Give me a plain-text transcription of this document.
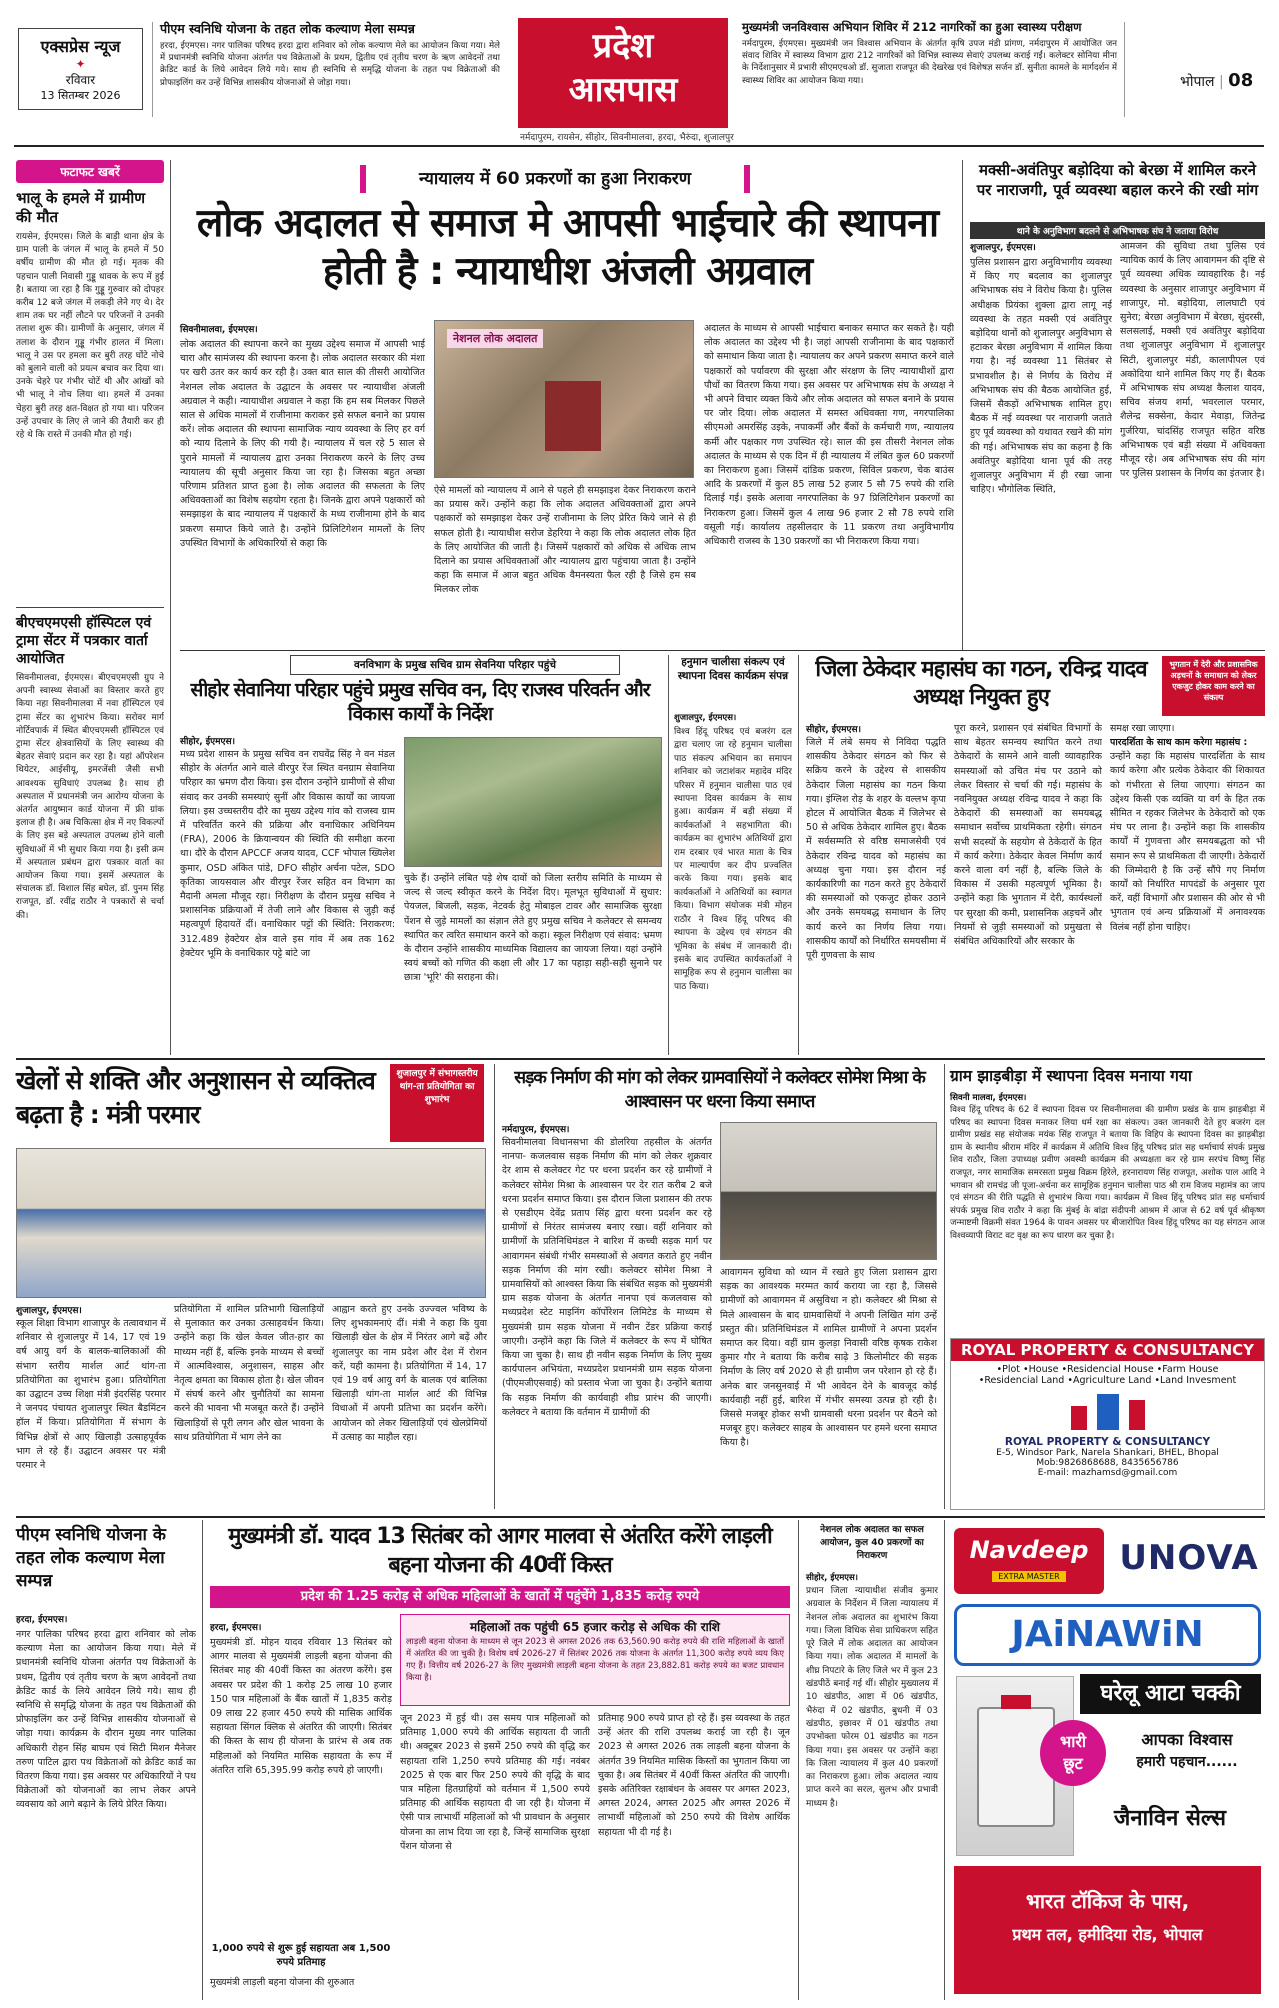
एक्सप्रेस न्यूज
✦
रविवार
13 सितम्बर 2026
पीएम स्वनिधि योजना के तहत लोक कल्याण मेला सम्पन्न
हरदा, ईएमएस। नगर पालिका परिषद हरदा द्वारा शनिवार को लोक कल्याण मेले का आयोजन किया गया। मेले में प्रधानमंत्री स्वनिधि योजना अंतर्गत पथ विक्रेताओं के प्रथम, द्वितीय एवं तृतीय चरण के ऋण आवेदनों तथा क्रेडिट कार्ड के लिये आवेदन लिये गये। साथ ही स्वनिधि से समृद्धि योजना के तहत पथ विक्रेताओं की प्रोफाइलिंग कर उन्हें विभिन्न शासकीय योजनाओं से जोड़ा गया।
प्रदेश
आसपास
मुख्यमंत्री जनविश्वास अभियान शिविर में 212 नागरिकों का हुआ स्वास्थ्य परीक्षण
नर्मदापुरम, ईएमएस। मुख्यमंत्री जन विश्वास अभियान के अंतर्गत कृषि उपज मंडी प्रांगण, नर्मदापुरम में आयोजित जन संवाद शिविर में स्वास्थ्य विभाग द्वारा 212 नागरिकों को विभिन्न स्वास्थ्य सेवाएं उपलब्ध कराई गईं। कलेक्टर सोनिया मीना के निर्देशानुसार में प्रभारी सीएमएचओ डॉ. सुजाता राजपूत की देखरेख एवं विशेषज्ञ सर्जन डॉ. सुनीता कामले के मार्गदर्शन में स्वास्थ्य शिविर का आयोजन किया गया।	भोपाल | 08
नर्मदापुरम, रायसेन, सीहोर, सिवनीमालवा, हरदा, भैरुंदा, शुजालपुर
फटाफट खबरें
भालू के हमले में ग्रामीण की मौत
रायसेन, ईएमएस। जिले के बाड़ी थाना क्षेत्र के ग्राम पाली के जंगल में भालू के हमले में 50 वर्षीय ग्रामीण की मौत हो गई। मृतक की पहचान पाली निवासी गुड्डू धावक के रूप में हुई है। बताया जा रहा है कि गुड्डू गुरुवार को दोपहर करीब 12 बजे जंगल में लकड़ी लेने गए थे। देर शाम तक घर नहीं लौटने पर परिजनों ने उनकी तलाश शुरू की। ग्रामीणों के अनुसार, जंगल में तलाश के दौरान गुड्डू गंभीर हालत में मिला। भालू ने उस पर हमला कर बुरी तरह घोंटे नोचे को बुलाने वाली को प्रयत्न बचाव कर दिया था। उनके चेहरे पर गंभीर चोटें थी और आंखों को भी भालू ने नोच लिया था। हमले में उनका चेहरा बुरी तरह क्षत-विक्षत हो गया था। परिजन उन्हें उपचार के लिए ले जाने की तैयारी कर ही रहे थे कि रास्ते में उनकी मौत हो गई।
बीएचएमएसी हॉस्पिटल एवं ट्रामा सेंटर में पत्रकार वार्ता आयोजित
सिवनीमालवा, ईएमएस। बीएचएमएसी ग्रुप ने अपनी स्वास्थ्य सेवाओं का विस्तार करते हुए किया नहा सिवनीमालवा में नवा हॉस्पिटल एवं ट्रामा सेंटर का शुभारंभ किया। सरोवर मार्ग नोर्टिवपार्क में स्थित बीएचएमसी हॉस्पिटल एवं ट्रामा सेंटर क्षेत्रवासियों के लिए स्वास्थ्य की बेहतर सेवाएं प्रदान कर रहा है। यहां ऑपरेशन थियेटर, आईसीयू, इमरजेंसी जैसी सभी आवश्यक सुविधाएं उपलब्ध है। साथ ही अस्पताल में प्रधानमंत्री जन आरोग्य योजना के अंतर्गत आयुष्मान कार्ड योजना में फ्री ग्रांक इलाज ही है। अब चिकित्सा क्षेत्र में नए विकल्पों के लिए इस बड़े अस्पताल उपलब्ध होने वाली सुविधाओं में भी सुधार किया गया है। इसी क्रम में अस्पताल प्रबंधन द्वारा पत्रकार वार्ता का आयोजन किया गया। इसमें अस्पताल के संचालक डॉ. विशाल सिंह बघेल, डॉ. पुनम सिंह राजपूत, डॉ. रवींद्र राठौर ने पत्रकारों से चर्चा की।
न्यायालय में 60 प्रकरणों का हुआ निराकरण
लोक अदालत से समाज मे आपसी भाईचारे की स्थापना होती है : न्यायाधीश अंजली अग्रवाल
सिवनीमालवा, ईएमएस।
लोक अदालत की स्थापना करने का मुख्य उद्देश्य समाज में आपसी भाई चारा और सामंजस्य की स्थापना करना है। लोक अदालत सरकार की मंशा पर खरी उतर कर कार्य कर रही है। उक्त बात साल की तीसरी आयोजित नेशनल लोक अदालत के उद्घाटन के अवसर पर न्यायाधीश अंजली अग्रवाल ने कही। न्यायाधीश अग्रवाल ने कहा कि हम सब मिलकर पिछले साल से अधिक मामलों में राजीनामा कराकर इसे सफल बनाने का प्रयास करें। लोक अदालत की स्थापना सामाजिक न्याय व्यवस्था के लिए हर वर्ग को न्याय दिलाने के लिए की गयी है। न्यायालय में चल रहे 5 साल से पुराने मामलों में न्यायालय द्वारा उनका निराकरण करने के लिए उच्च न्यायालय की सूची अनुसार किया जा रहा है। जिसका बहुत अच्छा परिणाम प्रतिशत प्राप्त हुआ है। लोक अदालत की सफलता के लिए अधिवक्ताओं का विशेष सहयोग रहता है। जिनके द्वारा अपने पक्षकारों को समझाइश के बाद न्यायालय में पक्षकारों के मध्य राजीनामा होने के बाद प्रकरण समाप्त किये जाते है। उन्होंने प्रिलिटिगेशन मामलों के लिए उपस्थित विभागों के अधिकारियों से कहा कि
नेशनल लोक अदालत
ऐसे मामलों को न्यायालय में आने से पहले ही समझाइश देकर निराकरण कराने का प्रयास करें। उन्होंने कहा कि लोक अदालत अधिवक्ताओं द्वारा अपने पक्षकारों को समझाइश देकर उन्हें राजीनामा के लिए प्रेरित किये जाने से ही सफल होती है। न्यायाधीश सरोज डेहरिया ने कहा कि लोक अदालत लोक हित के लिए आयोजित की जाती है। जिसमें पक्षकारों को अधिक से अधिक लाभ दिलाने का प्रयास अधिवक्ताओं और न्यायालय द्वारा पहुंचाया जाता है। उन्होंने कहा कि समाज में आज बहुत अधिक वैमनस्यता फैल रही है जिसे हम सब मिलकर लोक
अदालत के माध्यम से आपसी भाईचारा बनाकर समाप्त कर सकते है। यही लोक अदालत का उद्देश्य भी है। जहां आपसी राजीनामा के बाद पक्षकारों को समाधान किया जाता है। न्यायालय कर अपने प्रकरण समाप्त करने वाले पक्षकारों को पर्यावरण की सुरक्षा और संरक्षण के लिए न्यायाधीशों द्वारा पौधों का वितरण किया गया। इस अवसर पर अभिभाषक संघ के अध्यक्ष ने भी अपने विचार व्यक्त किये और लोक अदालत को सफल बनाने के प्रयास पर जोर दिया। लोक अदालत में समस्त अधिवक्ता गण, नगरपालिका सीएमओ अमरसिंह उइके, नपाकर्मी और बैंकों के कर्मचारी गण, न्यायालय कर्मी और पक्षकार गण उपस्थित रहे। साल की इस तीसरी नेशनल लोक अदालत के माध्यम से एक दिन में ही न्यायालय में लंबित कुल 60 प्रकरणों का निराकरण हुआ। जिसमें दांडिक प्रकरण, सिविल प्रकरण, चेक बाउंस आदि के प्रकरणों में कुल 85 लाख 52 हजार 5 सौ 75 रुपये की राशि दिलाई गई। इसके अलावा नगरपालिका के 97 प्रिलिटिगेशन प्रकरणों का निराकरण हुआ। जिसमें कुल 4 लाख 96 हजार 2 सौ 78 रुपये राशि वसूली गई। कार्यालय तहसीलदार के 11 प्रकरण तथा अनुविभागीय अधिकारी राजस्व के 130 प्रकरणों का भी निराकरण किया गया।
मक्सी-अवंतिपुर बड़ोदिया को बेरछा में शामिल करने पर नाराजगी, पूर्व व्यवस्था बहाल करने की रखी मांग
थाने के अनुविभाग बदलने से अभिभाषक संघ ने जताया विरोध
शुजालपुर, ईएमएस।
पुलिस प्रशासन द्वारा अनुविभागीय व्यवस्था में किए गए बदलाव का शुजालपुर अभिभाषक संघ ने विरोध किया है। पुलिस अधीक्षक प्रियंका शुक्ला द्वारा लागू नई व्यवस्था के तहत मक्सी एवं अवंतिपुर बड़ोदिया थानों को शुजालपुर अनुविभाग से हटाकर बेरछा अनुविभाग में शामिल किया गया है। नई व्यवस्था 11 सितंबर से प्रभावशील है। से निर्णय के विरोध में अभिभाषक संघ की बैठक आयोजित हुई, जिसमें सैकड़ों अभिभाषक शामिल हुए। बैठक में नई व्यवस्था पर नाराजगी जताते हुए पूर्व व्यवस्था को यथावत रखने की मांग की गई। अभिभाषक संघ का कहना है कि अवंतिपुर बड़ोदिया थाना पूर्व की तरह शुजालपुर अनुविभाग में ही रखा जाना चाहिए। भौगोलिक स्थिति,
आमजन की सुविधा तथा पुलिस एवं न्यायिक कार्य के लिए आवागमन की दृष्टि से पूर्व व्यवस्था अधिक व्यावहारिक है। नई व्यवस्था के अनुसार शाजापुर अनुविभाग में शाजापुर, मो. बड़ोदिया, लालघाटी एवं सुनेरा; बेरछा अनुविभाग में बेरछा, सुंदरसी, सलसलाई, मक्सी एवं अवंतिपुर बड़ोदिया तथा शुजालपुर अनुविभाग में शुजालपुर सिटी, शुजालपुर मंडी, कालापीपल एवं अकोदिया थाने शामिल किए गए हैं। बैठक में अभिभाषक संघ अध्यक्ष कैलाश यादव, सचिव संजय शर्मा, भवरलाल परमार, शैलेन्द्र सक्सेना, केदार मेवाड़ा, जितेन्द्र गुर्जरिया, चांदसिंह राजपूत सहित वरिष्ठ अभिभाषक एवं बड़ी संख्या में अधिवक्ता मौजूद रहे। अब अभिभाषक संघ की मांग पर पुलिस प्रशासन के निर्णय का इंतजार है।
वनविभाग के प्रमुख सचिव ग्राम सेवनिया परिहार पहुंचे
सीहोर सेवानिया परिहार पहुंचे प्रमुख सचिव वन, दिए राजस्व परिवर्तन और विकास कार्यों के निर्देश
सीहोर, ईएमएस।
मध्य प्रदेश शासन के प्रमुख सचिव वन राघवेंद्र सिंह ने वन मंडल सीहोर के अंतर्गत आने वाले वीरपुर रेंज स्थित वनग्राम सेवानिया परिहार का भ्रमण दौरा किया। इस दौरान उन्होंने ग्रामीणों से सीधा संवाद कर उनकी समस्याएं सुनीं और विकास कार्यों का जायजा लिया। इस उच्चस्तरीय दौरे का मुख्य उद्देश्य गांव को राजस्व ग्राम में परिवर्तित करने की प्रक्रिया और वनाधिकार अधिनियम (FRA), 2006 के क्रियान्वयन की स्थिति की समीक्षा करना था। दौरे के दौरान APCCF अजय यादव, CCF भोपाल ख्यिलेश कुमार, OSD अंकित पांडे, DFO सीहोर अर्चना पटेल, SDO कृतिका जायसवाल और वीरपुर रेंजर सहित वन विभाग का मैदानी अमला मौजूद रहा। निरीक्षण के दौरान प्रमुख सचिव ने प्रशासनिक प्रक्रियाओं में तेजी लाने और विकास से जुड़ी कई महत्वपूर्ण हिदायतें दीं। वनाधिकार पट्टों की स्थिति: निराकरण: 312.489 हेक्टेयर क्षेत्र वाले इस गांव में अब तक 162 हेक्टेयर भूमि के वनाधिकार पट्टे बांटे जा
चुके हैं। उन्होंने लंबित पड़े शेष दावों को जिला स्तरीय समिति के माध्यम से जल्द से जल्द स्वीकृत करने के निर्देश दिए। मूलभूत सुविधाओं में सुधार: पेयजल, बिजली, सड़क, नेटवर्क हेतु मोबाइल टावर और सामाजिक सुरक्षा पेंशन से जुड़े मामलों का संज्ञान लेते हुए प्रमुख सचिव ने कलेक्टर से समन्वय स्थापित कर त्वरित समाधान करने को कहा। स्कूल निरीक्षण एवं संवाद: भ्रमण के दौरान उन्होंने शासकीय माध्यमिक विद्यालय का जायजा लिया। यहां उन्होंने स्वयं बच्चों को गणित की कक्षा ली और 17 का पहाड़ा सही-सही सुनाने पर छात्रा 'भूरि' की सराहना की।
हनुमान चालीसा संकल्प एवं स्थापना दिवस कार्यक्रम संपन्न
शुजालपुर, ईएमएस।
विश्व हिंदू परिषद एवं बजरंग दल द्वारा चलाए जा रहे हनुमान चालीसा पाठ संकल्प अभियान का समापन शनिवार को जटाशंकर महादेव मंदिर परिसर में हनुमान चालीसा पाठ एवं स्थापना दिवस कार्यक्रम के साथ हुआ। कार्यक्रम में बड़ी संख्या में कार्यकर्ताओं ने सहभागिता की। कार्यक्रम का शुभारंभ अतिथियों द्वारा राम दरबार एवं भारत माता के चित्र पर माल्यार्पण कर दीप प्रज्वलित करके किया गया। इसके बाद कार्यकर्ताओं ने अतिथियों का स्वागत किया। विभाग संयोजक मंत्री मोहन राठौर ने विश्व हिंदू परिषद की स्थापना के उद्देश्य एवं संगठन की भूमिका के संबंध में जानकारी दी। इसके बाद उपस्थित कार्यकर्ताओं ने सामूहिक रूप से हनुमान चालीसा का पाठ किया।
जिला ठेकेदार महासंघ का गठन, रविन्द्र यादव अध्यक्ष नियुक्त हुए
भुगतान में देरी और प्रशासनिक अड़चनों के समाधान को लेकर एकजुट होकर काम करने का संकल्प
सीहोर, ईएमएस।
जिले में लंबे समय से निविदा पद्धति शासकीय ठेकेदार संगठन को फिर से सक्रिय करने के उद्देश्य से शासकीय ठेकेदार जिला महासंघ का गठन किया गया। इंग्लिश रोड़ के शहर के वल्लभ कृपा होटल में आयोजित बैठक में जिलेभर से 50 से अधिक ठेकेदार शामिल हुए। बैठक में सर्वसम्मति से वरिष्ठ समाजसेवी एवं ठेकेदार रविन्द्र यादव को महासंघ का अध्यक्ष चुना गया। इस दौरान नई कार्यकारिणी का गठन करते हुए ठेकेदारों की समस्याओं को एकजुट होकर उठाने और उनके समयबद्ध समाधान के लिए कार्य करने का निर्णय लिया गया। शासकीय कार्यों को निर्धारित समयसीमा में पूरी गुणवत्ता के साथ
पूरा करने, प्रशासन एवं संबंधित विभागों के साथ बेहतर समन्वय स्थापित करने तथा ठेकेदारों के सामने आने वाली व्यावहारिक समस्याओं को उचित मंच पर उठाने को लेकर विस्तार से चर्चा की गई। महासंघ के नवनियुक्त अध्यक्ष रविन्द्र यादव ने कहा कि ठेकेदारों की समस्याओं का समयबद्ध समाधान सर्वोच्च प्राथमिकता रहेगी। संगठन सभी सदस्यों के सहयोग से ठेकेदारों के हित में कार्य करेगा। ठेकेदार केवल निर्माण कार्य करने वाला वर्ग नहीं है, बल्कि जिले के विकास में उसकी महत्वपूर्ण भूमिका है। उन्होंने कहा कि भुगतान में देरी, कार्यस्थलों पर सुरक्षा की कमी, प्रशासनिक अड़चनें और नियमों से जुड़ी समस्याओं को प्रमुखता से संबंधित अधिकारियों और सरकार के
समक्ष रखा जाएगा।
पारदर्शिता के साथ काम करेगा महासंघ :
उन्होंने कहा कि महासंघ पारदर्शिता के साथ कार्य करेगा और प्रत्येक ठेकेदार की शिकायत को गंभीरता से लिया जाएगा। संगठन का उद्देश्य किसी एक व्यक्ति या वर्ग के हित तक सीमित न रहकर जिलेभर के ठेकेदारों को एक मंच पर लाना है। उन्होंने कहा कि शासकीय कार्यों में गुणवत्ता और समयबद्धता को भी समान रूप से प्राथमिकता दी जाएगी। ठेकेदारों की जिम्मेदारी है कि उन्हें सौंपे गए निर्माण कार्यों को निर्धारित मापदंडों के अनुसार पूरा करें, वहीं विभागों और प्रशासन की ओर से भी भुगतान एवं अन्य प्रक्रियाओं में अनावश्यक विलंब नहीं होना चाहिए।
खेलों से शक्ति और अनुशासन से व्यक्तित्व बढ़ता है : मंत्री परमार
शुजालपुर में संभागस्तरीय थांग-ता प्रतियोगिता का शुभारंभ
शुजालपुर, ईएमएस।
स्कूल शिक्षा विभाग शाजापुर के तत्वावधान में शनिवार से शुजालपुर में 14, 17 एवं 19 वर्ष आयु वर्ग के बालक-बालिकाओं की संभाग स्तरीय मार्शल आर्ट थांग-ता प्रतियोगिता का शुभारंभ हुआ। प्रतियोगिता का उद्घाटन उच्च शिक्षा मंत्री इंदरसिंह परमार ने जनपद पंचायत शुजालपुर स्थित बैडमिंटन हॉल में किया। प्रतियोगिता में संभाग के विभिन्न क्षेत्रों से आए खिलाड़ी उत्साहपूर्वक भाग ले रहे हैं। उद्घाटन अवसर पर मंत्री परमार ने
प्रतियोगिता में शामिल प्रतिभागी खिलाड़ियों से मुलाकात कर उनका उत्साहवर्धन किया। उन्होंने कहा कि खेल केवल जीत-हार का माध्यम नहीं हैं, बल्कि इनके माध्यम से बच्चों में आत्मविश्वास, अनुशासन, साहस और नेतृत्व क्षमता का विकास होता है। खेल जीवन में संघर्ष करने और चुनौतियों का सामना करने की भावना भी मजबूत करते हैं। उन्होंने खिलाड़ियों से पूरी लगन और खेल भावना के साथ प्रतियोगिता में भाग लेने का
आह्वान करते हुए उनके उज्ज्वल भविष्य के लिए शुभकामनाएं दीं। मंत्री ने कहा कि युवा खिलाड़ी खेल के क्षेत्र में निरंतर आगे बढ़ें और शुजालपुर का नाम प्रदेश और देश में रोशन करें, यही कामना है। प्रतियोगिता में 14, 17 एवं 19 वर्ष आयु वर्ग के बालक एवं बालिका खिलाड़ी थांग-ता मार्शल आर्ट की विभिन्न विधाओं में अपनी प्रतिभा का प्रदर्शन करेंगे। आयोजन को लेकर खिलाड़ियों एवं खेलप्रेमियों में उत्साह का माहौल रहा।
सड़क निर्माण की मांग को लेकर ग्रामवासियों ने कलेक्टर सोमेश मिश्रा के आश्वासन पर धरना किया समाप्त
नर्मदापुरम, ईएमएस।
सिवनीमालवा विधानसभा की डोलरिया तहसील के अंतर्गत नानपा- कजलवास सड़क निर्माण की मांग को लेकर शुक्रवार देर शाम से कलेक्टर गेट पर धरना प्रदर्शन कर रहे ग्रामीणों ने कलेक्टर सोमेश मिश्रा के आश्वासन पर देर रात करीब 2 बजे धरना प्रदर्शन समाप्त किया। इस दौरान जिला प्रशासन की तरफ से एसडीएम देवेंद्र प्रताप सिंह द्वारा धरना प्रदर्शन कर रहे ग्रामीणों से निरंतर सामंजस्य बनाए रखा। वहीं शनिवार को ग्रामीणों के प्रतिनिधिमंडल ने बारिश में कच्ची सड़क मार्ग पर आवागमन संबंधी गंभीर समस्याओं से अवगत कराते हुए नवीन सड़क निर्माण की मांग रखी। कलेक्टर सोमेश मिश्रा ने ग्रामवासियों को आश्वस्त किया कि संबंधित सड़क को मुख्यमंत्री ग्राम सड़क योजना के अंतर्गत नानपा एवं कजलवास को मध्यप्रदेश स्टेट माइनिंग कॉर्पोरेशन लिमिटेड के माध्यम से मुख्यमंत्री ग्राम सड़क योजना में नवीन टेंडर प्रक्रिया कराई जाएगी। उन्होंने कहा कि जिले में कलेक्टर के रूप में घोषित किया जा चुका है। साथ ही नवीन सड़क निर्माण के लिए मुख्य कार्यपालन अभियंता, मध्यप्रदेश प्रधानमंत्री ग्राम सड़क योजना (पीएमजीएसवाई) को प्रस्ताव भेजा जा चुका है। उन्होंने बताया कि सड़क निर्माण की कार्यवाही शीघ्र प्रारंभ की जाएगी। कलेक्टर ने बताया कि वर्तमान में ग्रामीणों की
आवागमन सुविधा को ध्यान में रखते हुए जिला प्रशासन द्वारा सड़क का आवश्यक मरम्मत कार्य कराया जा रहा है, जिससे ग्रामीणों को आवागमन में असुविधा न हो। कलेक्टर श्री मिश्रा से मिले आश्वासन के बाद ग्रामवासियों ने अपनी लिखित मांग उन्हें प्रस्तुत की। प्रतिनिधिमंडल में शामिल ग्रामीणों ने अपना प्रदर्शन समाप्त कर दिया। वहीं ग्राम कुलड़ा निवासी वरिष्ठ कृषक राकेश कुमार गौर ने बताया कि करीब साढ़े 3 किलोमीटर की सड़क निर्माण के लिए वर्ष 2020 से ही ग्रामीण जन परेशान हो रहे हैं। अनेक बार जनसुनवाई में भी आवेदन देने के बावजूद कोई कार्यवाही नहीं हुई, बारिश में गंभीर समस्या उत्पन्न हो रही है। जिससे मजबूर होकर सभी ग्रामवासी धरना प्रदर्शन पर बैठने को मजबूर हुए। कलेक्टर साहब के आश्वासन पर हमने धरना समाप्त किया है।
ग्राम झाड़बीड़ा में स्थापना दिवस मनाया गया
सिवनी मालवा, ईएमएस।
विश्व हिंदू परिषद के 62 वें स्थापना दिवस पर सिवनीमालवा की ग्रामीण प्रखंड के ग्राम झाड़बीड़ा में परिषद का स्थापना दिवस मनाकर लिया धर्म रक्षा का संकल्प। उक्त जानकारी देते हुए बजरंग दल ग्रामीण प्रखंड सह संयोजक मयंक सिंह राजपूत ने बताया कि विहिप के स्थापना दिवस का झाड़बीड़ा ग्राम के स्थानीय श्रीराम मंदिर में कार्यक्रम में अतिथि विश्व हिंदू परिषद प्रांत सह धर्माचार्य संपर्क प्रमुख शिव राठौर, जिला उपाध्यक्ष प्रवीण अवस्थी कार्यक्रम की अध्यक्षता कर रहे ग्राम सरपंच विष्णु सिंह राजपूत, नगर सामाजिक समरसता प्रमुख विक्रम हिरेले, हरनारायण सिंह राजपूत, अशोक पाल आदि ने भगवान श्री रामचंद्र जी पूजा-अर्चना कर सामूहिक हनुमान चालीसा पाठ श्री राम विजय महामंत्र का जाप एवं संगठन की रीति पद्धति से शुभारंभ किया गया। कार्यक्रम में विश्व हिंदू परिषद प्रांत सह धर्माचार्य संपर्क प्रमुख शिव राठौर ने कहा कि मुंबई के बांद्रा संदीपनी आश्रम में आज से 62 वर्ष पूर्व श्रीकृष्ण जन्माष्टमी विक्रमी संवत 1964 के पावन अवसर पर बीजारोपित विश्व हिंदू परिषद का यह संगठन आज विश्वव्यापी विराट वट वृक्ष का रूप धारण कर चुका है।
ROYAL PROPERTY & CONSULTANCY
•Plot •House •Residencial House •Farm House
•Residencial Land •Agriculture Land •Land Invesment
ROYAL PROPERTY & CONSULTANCY
E-5, Windsor Park, Narela Shankari, BHEL, Bhopal
Mob:9826868688, 8435656786
E-mail: mazhamsd@gmail.com
पीएम स्वनिधि योजना के तहत लोक कल्याण मेला सम्पन्न
हरदा, ईएमएस।
नगर पालिका परिषद हरदा द्वारा शनिवार को लोक कल्याण मेला का आयोजन किया गया। मेले में प्रधानमंत्री स्वनिधि योजना अंतर्गत पथ विक्रेताओं के प्रथम, द्वितीय एवं तृतीय चरण के ऋण आवेदनों तथा क्रेडिट कार्ड के लिये आवेदन लिये गये। साथ ही स्वनिधि से समृद्धि योजना के तहत पथ विक्रेताओं की प्रोफाइलिंग कर उन्हें विभिन्न शासकीय योजनाओं से जोड़ा गया। कार्यक्रम के दौरान मुख्य नगर पालिका अधिकारी रोहन सिंह बाघम एवं सिटी मिशन मैनेजर तरुण पाटिल द्वारा पथ विक्रेताओं को क्रेडिट कार्ड का वितरण किया गया। इस अवसर पर अधिकारियों ने पथ विक्रेताओं को योजनाओं का लाभ लेकर अपने व्यवसाय को आगे बढ़ाने के लिये प्रेरित किया।
मुख्यमंत्री डॉ. यादव 13 सितंबर को आगर मालवा से अंतरित करेंगे लाड़ली बहना योजना की 40वीं किस्त
प्रदेश की 1.25 करोड़ से अधिक महिलाओं के खातों में पहुंचेंगे 1,835 करोड़ रुपये
हरदा, ईएमएस।	महिलाओं तक पहुंची 65 हजार करोड़ से अधिक की राशि
लाड़ली बहना योजना के माध्यम से जून 2023 से अगस्त 2026 तक 63,560.90 करोड़ रुपये की राशि महिलाओं के खातों में अंतरित की जा चुकी है। विशेष वर्ष 2026-27 में सितंबर 2026 तक योजना के अंतर्गत 11,300 करोड़ रुपये व्यय किए गए हैं। वित्तीय वर्ष 2026-27 के लिए मुख्यमंत्री लाड़ली बहना योजना के तहत 23,882.81 करोड़ रुपये का बजट प्रावधान किया है।
मुख्यमंत्री डॉ. मोहन यादव रविवार 13 सितंबर को आगर मालवा से मुख्यमंत्री लाड़ली बहना योजना की सितंबर माह की 40वीं किस्त का अंतरण करेंगे। इस अवसर पर प्रदेश की 1 करोड़ 25 लाख 10 हजार 150 पात्र महिलाओं के बैंक खातों में 1,835 करोड़ 09 लाख 22 हजार 450 रुपये की मासिक आर्थिक सहायता सिंगल क्लिक से अंतरित की जाएगी। सितंबर की किस्त के साथ ही योजना के प्रारंभ से अब तक महिलाओं को नियमित मासिक सहायता के रूप में अंतरित राशि 65,395.99 करोड़ रुपये हो जाएगी।
1,000 रुपये से शुरू हुई सहायता अब 1,500 रुपये प्रतिमाह
मुख्यमंत्री लाड़ली बहना योजना की शुरुआत
जून 2023 में हुई थी। उस समय पात्र महिलाओं को प्रतिमाह 1,000 रुपये की आर्थिक सहायता दी जाती थी। अक्टूबर 2023 से इसमें 250 रुपये की वृद्धि कर सहायता राशि 1,250 रुपये प्रतिमाह की गई। नवंबर 2025 से एक बार फिर 250 रुपये की वृद्धि के बाद पात्र महिला हितग्राहियों को वर्तमान में 1,500 रुपये प्रतिमाह की आर्थिक सहायता दी जा रही है। योजना में ऐसी पात्र लाभार्थी महिलाओं को भी प्रावधान के अनुसार योजना का लाभ दिया जा रहा है, जिन्हें सामाजिक सुरक्षा पेंशन योजना से
प्रतिमाह 900 रुपये प्राप्त हो रहे हैं। इस व्यवस्था के तहत उन्हें अंतर की राशि उपलब्ध कराई जा रही है। जून 2023 से अगस्त 2026 तक लाड़ली बहना योजना के अंतर्गत 39 नियमित मासिक किस्तों का भुगतान किया जा चुका है। अब सितंबर में 40वीं किस्त अंतरित की जाएगी। इसके अतिरिक्त रक्षाबंधन के अवसर पर अगस्त 2023, अगस्त 2024, अगस्त 2025 और अगस्त 2026 में लाभार्थी महिलाओं को 250 रुपये की विशेष आर्थिक सहायता भी दी गई है।
नेशनल लोक अदालत का सफल आयोजन, कुल 40 प्रकरणों का निराकरण
सीहोर, ईएमएस।
प्रधान जिला न्यायाधीश संजीव कुमार अग्रवाल के निर्देशन में जिला न्यायालय में नेशनल लोक अदालत का शुभारंभ किया गया। जिला विधिक सेवा प्राधिकरण सहित पूरे जिले में लोक अदालत का आयोजन किया गया। लोक अदालत में मामलों के शीघ्र निपटारे के लिए जिले भर में कुल 23 खंडपीठें बनाई गई थीं। सीहोर मुख्यालय में 10 खंडपीठ, आष्टा में 06 खंडपीठ, भैरुंदा में 02 खंडपीठ, बुधनी में 03 खंडपीठ, इछावर में 01 खंडपीठ तथा उपभोक्ता फोरम 01 खंडपीठ का गठन किया गया। इस अवसर पर उन्होंने कहा कि जिला न्यायालय में कुल 40 प्रकरणों का निराकरण हुआ। लोक अदालत न्याय प्राप्त करने का सरल, सुलभ और प्रभावी माध्यम है।
Navdeep
EXTRA MASTER	UNOVA
JAiNAWiN
घरेलू आटा चक्की
भारी
छूट
आपका विश्वास
हमारी पहचान......
जैनाविन सेल्स
भारत टॉकिज के पास,
प्रथम तल, हमीदिया रोड, भोपाल
